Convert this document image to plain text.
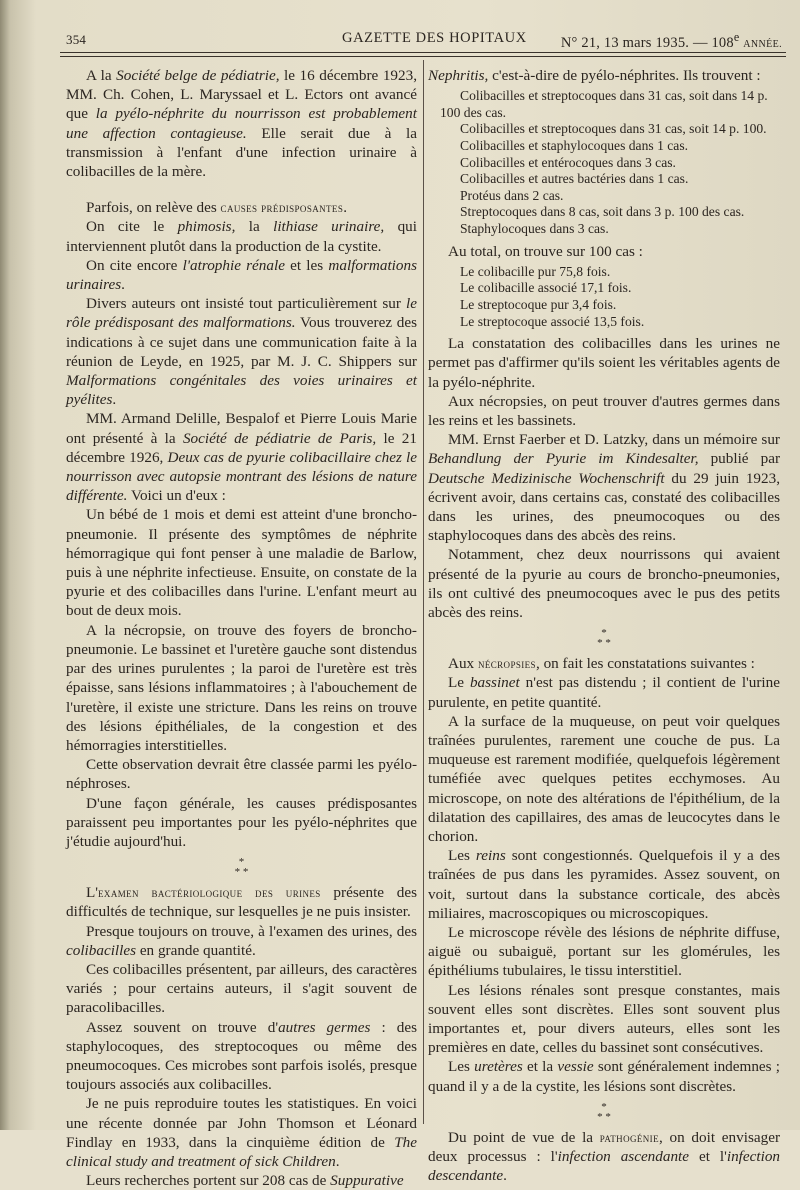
354	GAZETTE DES HOPITAUX N° 21, 13 mars 1935. — 108e ANNÉE.

A la Société belge de pédiatrie, le 16 décembre 1923, MM. Ch. Cohen, L. Maryssael et L. Ectors ont avancé que la pyélo-néphrite du nourrisson est probablement une affection contagieuse. Elle serait due à la transmission à l'enfant d'une infection urinaire à colibacilles de la mère.

Parfois, on relève des causes prédisposantes.

On cite le phimosis, la lithiase urinaire, qui interviennent plutôt dans la production de la cystite.

On cite encore l'atrophie rénale et les malformations urinaires.

Divers auteurs ont insisté tout particulièrement sur le rôle prédisposant des malformations. Vous trouverez des indications à ce sujet dans une communication faite à la réunion de Leyde, en 1925, par M. J. C. Shippers sur Malformations congénitales des voies urinaires et pyélites.

MM. Armand Delille, Bespalof et Pierre Louis Marie ont présenté à la Société de pédiatrie de Paris, le 21 décembre 1926, Deux cas de pyurie colibacillaire chez le nourrisson avec autopsie montrant des lésions de nature différente. Voici un d'eux :

Un bébé de 1 mois et demi est atteint d'une broncho-pneumonie. Il présente des symptômes de néphrite hémorragique qui font penser à une maladie de Barlow, puis à une néphrite infectieuse. Ensuite, on constate de la pyurie et des colibacilles dans l'urine. L'enfant meurt au bout de deux mois.

A la nécropsie, on trouve des foyers de broncho-pneumonie. Le bassinet et l'uretère gauche sont distendus par des urines purulentes ; la paroi de l'uretère est très épaisse, sans lésions inflammatoires ; à l'abouchement de l'uretère, il existe une stricture. Dans les reins on trouve des lésions épithéliales, de la congestion et des hémorragies interstitielles.

Cette observation devrait être classée parmi les pyélo-néphroses.

D'une façon générale, les causes prédisposantes paraissent peu importantes pour les pyélo-néphrites que j'étudie aujourd'hui.

*
* *

L'examen bactériologique des urines présente des difficultés de technique, sur lesquelles je ne puis insister.

Presque toujours on trouve, à l'examen des urines, des colibacilles en grande quantité.

Ces colibacilles présentent, par ailleurs, des caractères variés ; pour certains auteurs, il s'agit souvent de paracolibacilles.

Assez souvent on trouve d'autres germes : des staphylocoques, des streptocoques ou même des pneumocoques. Ces microbes sont parfois isolés, presque toujours associés aux colibacilles.

Je ne puis reproduire toutes les statistiques. En voici une récente donnée par John Thomson et Léonard Findlay en 1933, dans la cinquième édition de The clinical study and treatment of sick Children.

Leurs recherches portent sur 208 cas de Suppurative

Nephritis, c'est-à-dire de pyélo-néphrites. Ils trouvent :

Colibacilles et streptocoques dans 31 cas, soit dans 14 p. 100 des cas.

Colibacilles et streptocoques dans 31 cas, soit 14 p. 100.

Colibacilles et staphylocoques dans 1 cas.

Colibacilles et entérocoques dans 3 cas.

Colibacilles et autres bactéries dans 1 cas.

Protéus dans 2 cas.

Streptocoques dans 8 cas, soit dans 3 p. 100 des cas.

Staphylocoques dans 3 cas.

Au total, on trouve sur 100 cas :

Le colibacille pur 75,8 fois.

Le colibacille associé 17,1 fois.

Le streptocoque pur 3,4 fois.

Le streptocoque associé 13,5 fois.

La constatation des colibacilles dans les urines ne permet pas d'affirmer qu'ils soient les véritables agents de la pyélo-néphrite.

Aux nécropsies, on peut trouver d'autres germes dans les reins et les bassinets.

MM. Ernst Faerber et D. Latzky, dans un mémoire sur Behandlung der Pyurie im Kindesalter, publié par Deutsche Medizinische Wochenschrift du 29 juin 1923, écrivent avoir, dans certains cas, constaté des colibacilles dans les urines, des pneumocoques ou des staphylocoques dans des abcès des reins.

Notamment, chez deux nourrissons qui avaient présenté de la pyurie au cours de broncho-pneumonies, ils ont cultivé des pneumocoques avec le pus des petits abcès des reins.

*
* *

Aux nécropsies, on fait les constatations suivantes :

Le bassinet n'est pas distendu ; il contient de l'urine purulente, en petite quantité.

A la surface de la muqueuse, on peut voir quelques traînées purulentes, rarement une couche de pus. La muqueuse est rarement modifiée, quelquefois légèrement tuméfiée avec quelques petites ecchymoses. Au microscope, on note des altérations de l'épithélium, de la dilatation des capillaires, des amas de leucocytes dans le chorion.

Les reins sont congestionnés. Quelquefois il y a des traînées de pus dans les pyramides. Assez souvent, on voit, surtout dans la substance corticale, des abcès miliaires, macroscopiques ou microscopiques.

Le microscope révèle des lésions de néphrite diffuse, aiguë ou subaiguë, portant sur les glomérules, les épithéliums tubulaires, le tissu interstitiel.

Les lésions rénales sont presque constantes, mais souvent elles sont discrètes. Elles sont souvent plus importantes et, pour divers auteurs, elles sont les premières en date, celles du bassinet sont consécutives.

Les uretères et la vessie sont généralement indemnes ; quand il y a de la cystite, les lésions sont discrètes.

*
* *

Du point de vue de la pathogénie, on doit envisager deux processus : l'infection ascendante et l'infection descendante.
